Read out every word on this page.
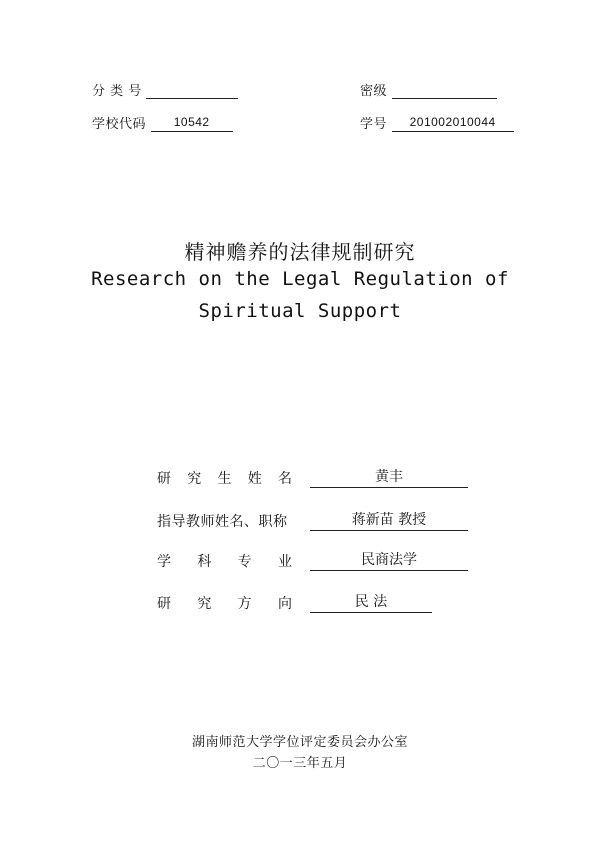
分 类 号	密级
学校代码 10542	学号 201002010044
精神赡养的法律规制研究
Research on the Legal Regulation of
Spiritual Support
研 究 生 姓 名	黄丰
指导教师姓名、职称	蒋新苗 教授
学 科 专 业	民商法学
研 究 方 向	民 法
湖南师范大学学位评定委员会办公室
二〇一三年五月
